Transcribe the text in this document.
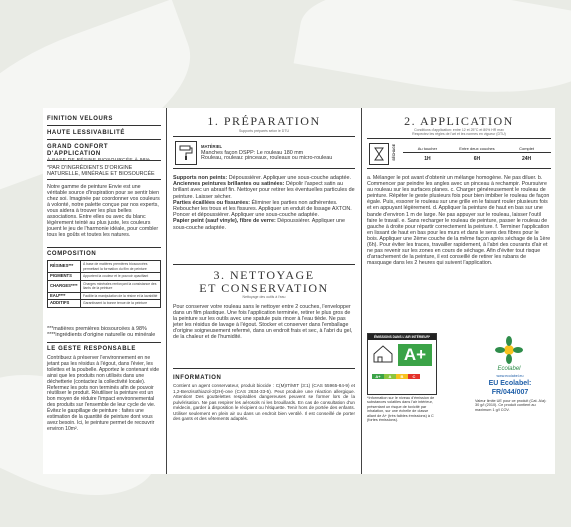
FINITION VELOURS
HAUTE LESSIVABILITÉ
GRAND CONFORT D'APPLICATION
À BASE DE RÉSINE BIOSOURCÉE À 98%
*PAR D'INGRÉDIENTS D'ORIGINE NATURELLE, MINÉRALE ET BIOSOURCÉE
Notre gamme de peinture Envie est une véritable source d'inspiration pour se sentir bien chez soi. Imaginée par coordonner vos couleurs à volonté, notre palette conçue par nos experts, vous aidera à trouver les plus belles associations. Entre elles ou avec du blanc légèrement teinté au plus juste, les couleurs jouent le jeu de l'harmonie idéale, pour combler tous les goûts et toutes les natures.
COMPOSITION
RÉSINES***	À base de matières premières biosourcées permettant la formation du film de peinture
PIGMENTS	Apportent la couleur et le pouvoir opacifiant
CHARGES****	Charges minérales renforçant la consistance des liants de la peinture
EAU****	Facilite la manipulation de la résine et la lavabilité
ADDITIFS	Garantissent la bonne tenue de la peinture
***matières premières biosourcées à 98% ****ingrédients d'origine naturelle ou minérale
LE GESTE RESPONSABLE
Contribuez à préserver l'environnement en ne jetant pas les résidus à l'égout, dans l'évier, les toilettes et la poubelle. Apportez le contenant vide ainsi que les produits non utilisés dans une déchetterie (contactez la collectivité locale). Refermez les pots non terminés afin de pouvoir réutiliser le produit. Réutiliser la peinture est un bon moyen de réduire l'impact environnemental des produits sur l'ensemble de leur cycle de vie. Évitez le gaspillage de peinture : faites une estimation de la quantité de peinture dont vous avez besoin. Ici, le peinture permet de recouvrir environ 10m².
1. PRÉPARATION
Supports préparés selon le DTU
MATÉRIEL
Manches façon DSPP: Le rouleau 180 mm
Rouleau, rouleau: pinceaux, rouleaux ou micro-rouleau
Supports non peints: Dépoussiérer. Appliquer une sous-couche adaptée.
Anciennes peintures brillantes ou satinées: Dépolir l'aspect satin au brillant avec un abrasif fin. Nettoyer pour retirer les éventuelles particules de peinture. Laisser sécher.
Parties écaillées ou fissurées: Éliminer les parties non adhérentes. Reboucher les trous et les fissures. Appliquer un enduit de lissage AXTON. Poncer et dépoussiérer. Appliquer une sous-couche adaptée.
Papier peint (sauf vinyle), fibre de verre: Dépoussiérer. Appliquer une sous-couche adaptée.
3. NETTOYAGE
ET CONSERVATION
Nettoyage des outils à l'eau
Pour conserver votre rouleau sans le nettoyer entre 2 couches, l'envelopper dans un film plastique. Une fois l'application terminée, retirer le plus gros de la peinture sur les outils avec une spatule puis rincer à l'eau tiède. Ne pas jeter les résidus de lavage à l'égout. Stocker et conserver dans l'emballage d'origine soigneusement refermé, dans un endroit frais et sec, à l'abri du gel, de la chaleur et de l'humidité.
INFORMATION
Contient un agent conservateur, produit biocide : C(M)IT/MIT (3:1) (CAS 55965-84-9) et 1,2-Benzisothiazol-3(2H)-one (CAS 2634-33-5). Peut produire une réaction allergique. Attention! Des gouttelettes respirables dangereuses peuvent se former lors de la pulvérisation. Ne pas respirer les aérosols ni les brouillards. En cas de consultation d'un médecin, garder à disposition le récipient ou l'étiquette. Tenir hors de portée des enfants. Utiliser seulement en plein air ou dans un endroit bien ventilé. Il est conseillé de porter des gants et des vêtements adaptés.
2. APPLICATION
Conditions d'application: entre 12 et 25°C et 80% HR max
Respectez les règles de l'art et les normes en vigueur (DTU)
SÉCHAGE	Au toucher	Entre deux couches	Complet
1H	6H	24H
a. Mélanger le pot avant d'obtenir un mélange homogène. Ne pas diluer. b. Commencer par peindre les angles avec un pinceau à rechampir. Poursuivre au rouleau sur les surfaces planes. c. Charger généreusement le rouleau de peinture. Répéter le geste plusieurs fois pour bien imbiber le rouleau de façon égale. Puis, essorer le rouleau sur une grille en le faisant rouler plusieurs fois et en appuyant légèrement. d. Appliquer la peinture de haut en bas sur une bande d'environ 1 m de large. Ne pas appuyer sur le rouleau, laisser l'outil faire le travail. e. Sans recharger le rouleau de peinture, passer le rouleau de gauche à droite pour répartir correctement la peinture. f. Terminer l'application en lissant de haut en bas pour les murs et dans le sens des fibres pour le bois. Appliquer une 2ème couche de la même façon après séchage de la 1ère (6h). Pour éviter les traces, travailler rapidement, à l'abri des courants d'air et ne pas revenir sur les zones en cours de séchage. Afin d'éviter tout risque d'arrachement de la peinture, il est conseillé de retirer les rubans de masquage dans les 2 heures qui suivent l'application.
ÉMISSIONS DANS L'AIR INTÉRIEUR*
A+
A+	A	B	C
*Information sur le niveau d'émission de substances volatiles dans l'air intérieur, présentant un risque de toxicité par inhalation, sur une échelle de classe allant de A+ (très faibles émissions) à C (fortes émissions).
Ecolabel
www.ecolabel.eu
EU Ecolabel:
FR/044/007
Valeur limite UE pour ce produit (Cat. A/a): 30 g/l (2010). Ce produit contient au maximum 1 g/l COV.
